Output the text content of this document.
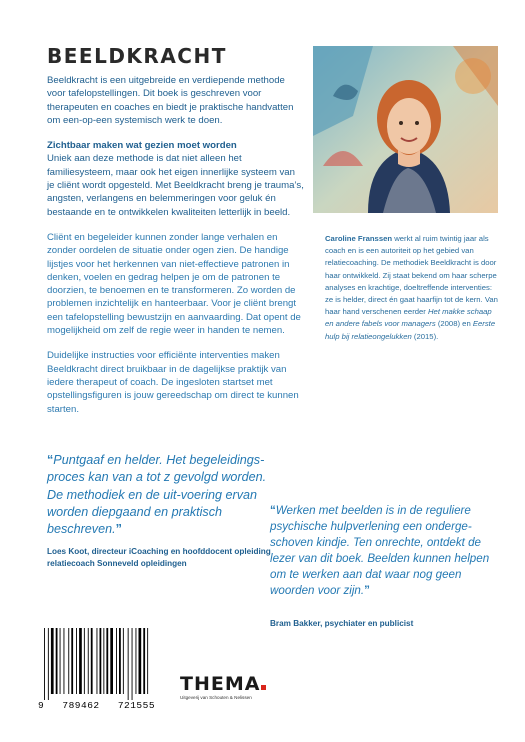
BEELDKRACHT

Beeldkracht is een uitgebreide en verdiepende methode voor tafelopstellingen. Dit boek is geschreven voor therapeuten en coaches en biedt je praktische handvatten om een-op-een systemisch werk te doen.

Zichtbaar maken wat gezien moet worden

Uniek aan deze methode is dat niet alleen het familiesysteem, maar ook het eigen innerlijke systeem van je cliënt wordt opgesteld. Met Beeldkracht breng je trauma’s, angsten, verlangens en belemmeringen voor geluk én bestaande en te ontwikkelen kwaliteiten letterlijk in beeld.

Cliënt en begeleider kunnen zonder lange verhalen en zonder oordelen de situatie onder ogen zien. De handige lijstjes voor het herkennen van niet-effectieve patronen in denken, voelen en gedrag helpen je om de patronen te doorzien, te benoemen en te transformeren. Zo worden de problemen inzichtelijk en hanteerbaar. Voor je cliënt brengt een tafelopstelling bewustzijn en aanvaarding. Dat opent de mogelijkheid om zelf de regie weer in handen te nemen.

Duidelijke instructies voor efficiënte interventies maken Beeldkracht direct bruikbaar in de dagelijkse praktijk van iedere therapeut of coach. De ingesloten startset met opstellingsfiguren is jouw gereedschap om direct te kunnen starten.

Caroline Franssen werkt al ruim twintig jaar als coach en is een autoriteit op het gebied van relatiecoaching. De methodiek Beeldkracht is door haar ontwikkeld. Zij staat bekend om haar scherpe analyses en krachtige, doeltreffende interventies: ze is helder, direct én gaat haarfijn tot de kern. Van haar hand verschenen eerder Het makke schaap en andere fabels voor managers (2008) en Eerste hulp bij relatieongelukken (2015).
“Puntgaaf en helder. Het begeleidings-proces kan van a tot z gevolgd worden. De methodiek en de uit-voering ervan worden diepgaand en praktisch beschreven.”
Loes Koot, directeur iCoaching en hoofddocent opleiding relatiecoach Sonneveld opleidingen
“Werken met beelden is in de reguliere psychische hulpverlening een onderge-schoven kindje. Ten onrechte, ontdekt de lezer van dit boek. Beelden kunnen helpen om te werken aan dat waar nog geen woorden voor zijn.”
Bram Bakker, psychiater en publicist
9 789462 721555
THEMA
Uitgeverij van Schouten & Nelissen
